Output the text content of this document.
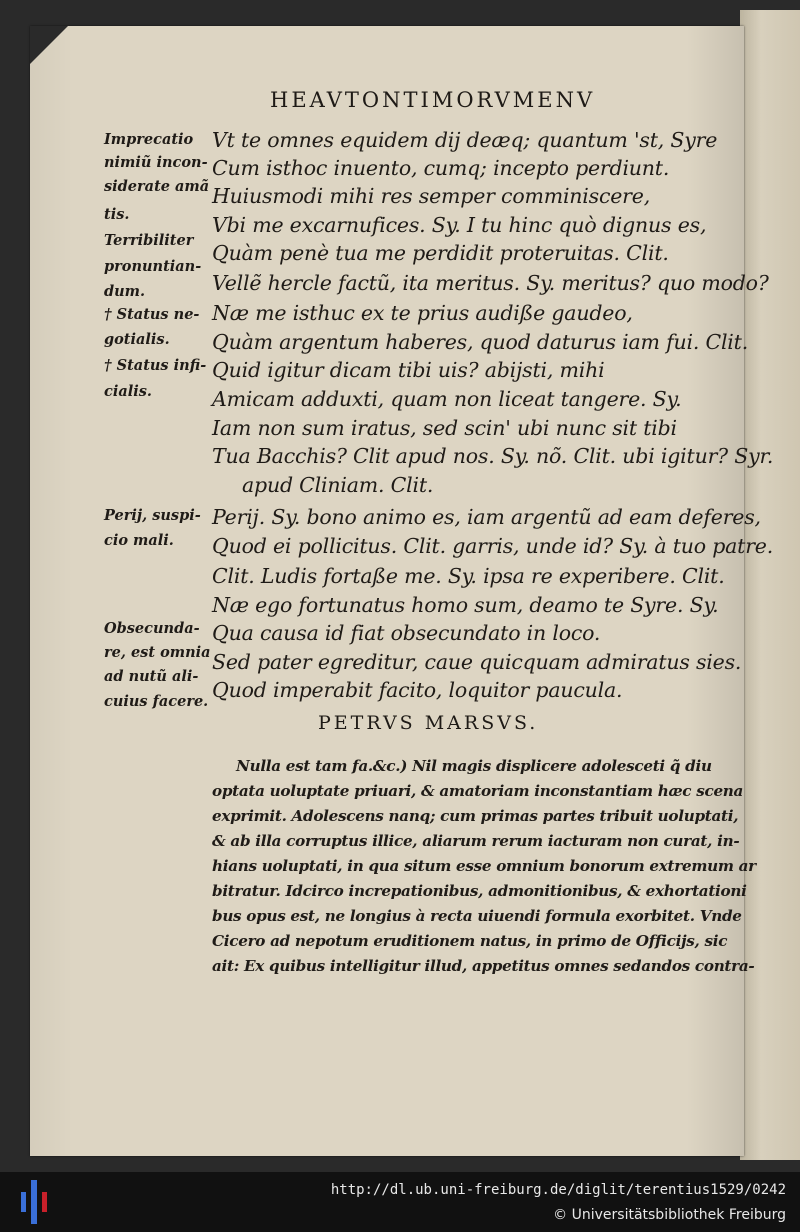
HEAVTONTIMORVMENV
Vt te omnes equidem dij deæq; quantum 'st, Syre
Cum isthoc inuento, cumq; incepto perdiunt.
Huiusmodi mihi res semper comminiscere,
Vbi me excarnufices. Sy. I tu hinc quò dignus es,
Quàm penè tua me perdidit proteruitas. Clit.
Vellẽ hercle factũ, ita meritus. Sy. meritus? quo modo?
Næ me isthuc ex te prius audiße gaudeo,
Quàm argentum haberes, quod daturus iam fui. Clit.
Quid igitur dicam tibi uis? abijsti, mihi
Amicam adduxti, quam non liceat tangere. Sy.
Iam non sum iratus, sed scin' ubi nunc sit tibi
Tua Bacchis? Clit apud nos. Sy. nõ. Clit. ubi igitur? Syr.
apud Cliniam. Clit.
Perij. Sy. bono animo es, iam argentũ ad eam deferes,
Quod ei pollicitus. Clit. garris, unde id? Sy. à tuo patre.
Clit. Ludis fortaße me. Sy. ipsa re experibere. Clit.
Næ ego fortunatus homo sum, deamo te Syre. Sy.
Qua causa id fiat obsecundato in loco.
Sed pater egreditur, caue quicquam admiratus sies.
Quod imperabit facito, loquitor paucula.
Imprecatio
nimiũ incon-
siderate amã
tis.
Terribiliter
pronuntian-
dum.
† Status ne-
gotialis.
† Status infi-
cialis.
Perij, suspi-
cio mali.
Obsecunda-
re, est omnia
ad nutũ ali-
cuius facere.
PETRVS MARSVS.
Nulla est tam fa.&c.) Nil magis displicere adolesceti q̃ diu
optata uoluptate priuari, & amatoriam inconstantiam hæc scena
exprimit. Adolescens nanq; cum primas partes tribuit uoluptati,
& ab illa corruptus illice, aliarum rerum iacturam non curat, in-
hians uoluptati, in qua situm esse omnium bonorum extremum ar
bitratur. Idcirco increpationibus, admonitionibus, & exhortationi
bus opus est, ne longius à recta uiuendi formula exorbitet. Vnde
Cicero ad nepotum eruditionem natus, in primo de Officijs, sic
ait: Ex quibus intelligitur illud, appetitus omnes sedandos contra-
http://dl.ub.uni-freiburg.de/diglit/terentius1529/0242
© Universitätsbibliothek Freiburg
